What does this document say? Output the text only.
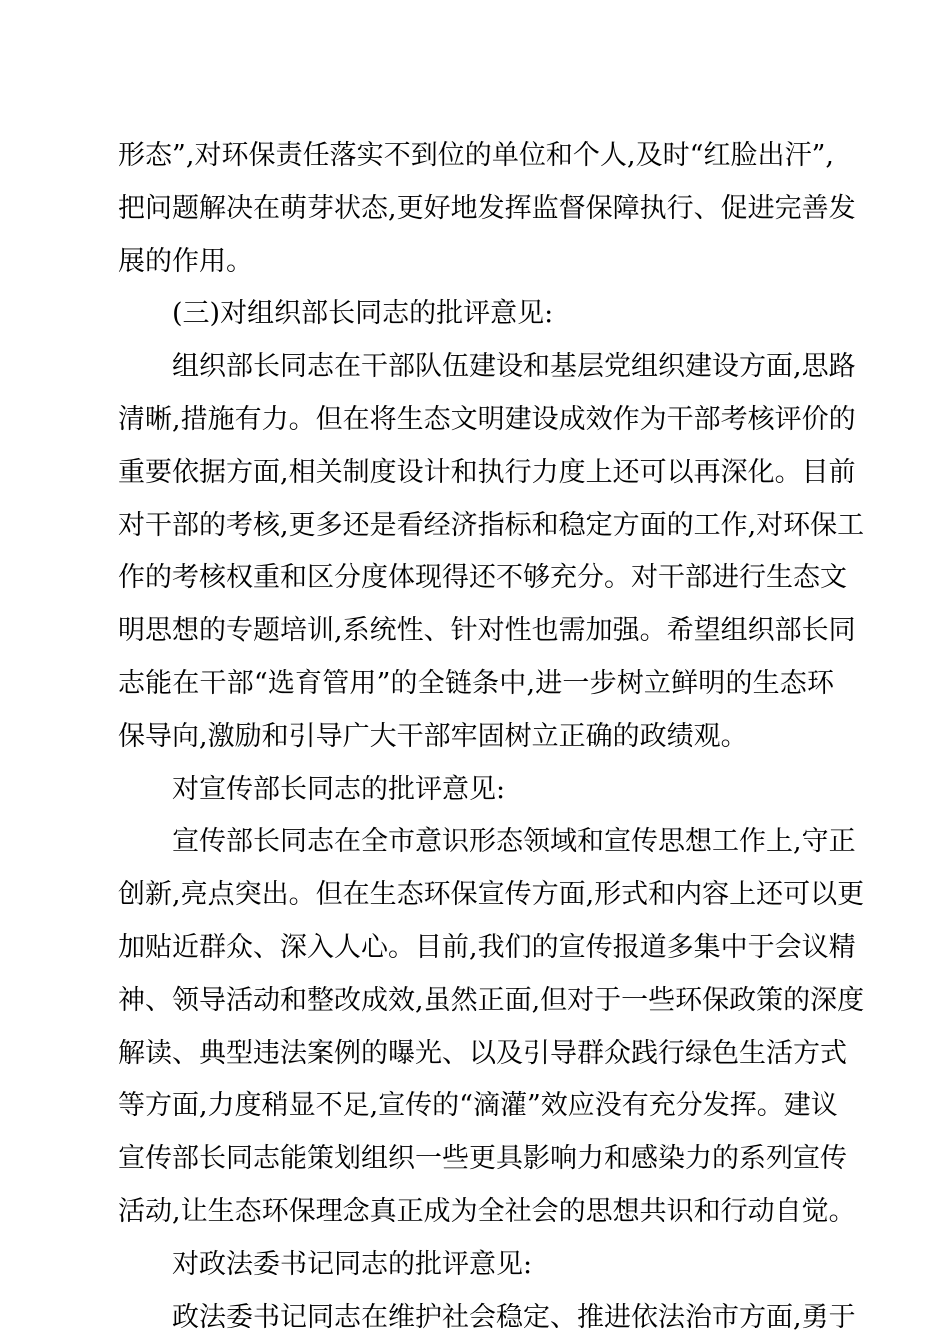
形态”,对环保责任落实不到位的单位和个人,及时“红脸出汗”,
把问题解决在萌芽状态,更好地发挥监督保障执行、促进完善发
展的作用。
(三)对组织部长同志的批评意见:
组织部长同志在干部队伍建设和基层党组织建设方面,思路
清晰,措施有力。但在将生态文明建设成效作为干部考核评价的
重要依据方面,相关制度设计和执行力度上还可以再深化。目前
对干部的考核,更多还是看经济指标和稳定方面的工作,对环保工
作的考核权重和区分度体现得还不够充分。对干部进行生态文
明思想的专题培训,系统性、针对性也需加强。希望组织部长同
志能在干部“选育管用”的全链条中,进一步树立鲜明的生态环
保导向,激励和引导广大干部牢固树立正确的政绩观。
对宣传部长同志的批评意见:
宣传部长同志在全市意识形态领域和宣传思想工作上,守正
创新,亮点突出。但在生态环保宣传方面,形式和内容上还可以更
加贴近群众、深入人心。目前,我们的宣传报道多集中于会议精
神、领导活动和整改成效,虽然正面,但对于一些环保政策的深度
解读、典型违法案例的曝光、以及引导群众践行绿色生活方式
等方面,力度稍显不足,宣传的“滴灌”效应没有充分发挥。建议
宣传部长同志能策划组织一些更具影响力和感染力的系列宣传
活动,让生态环保理念真正成为全社会的思想共识和行动自觉。
对政法委书记同志的批评意见:
政法委书记同志在维护社会稳定、推进依法治市方面,勇于
